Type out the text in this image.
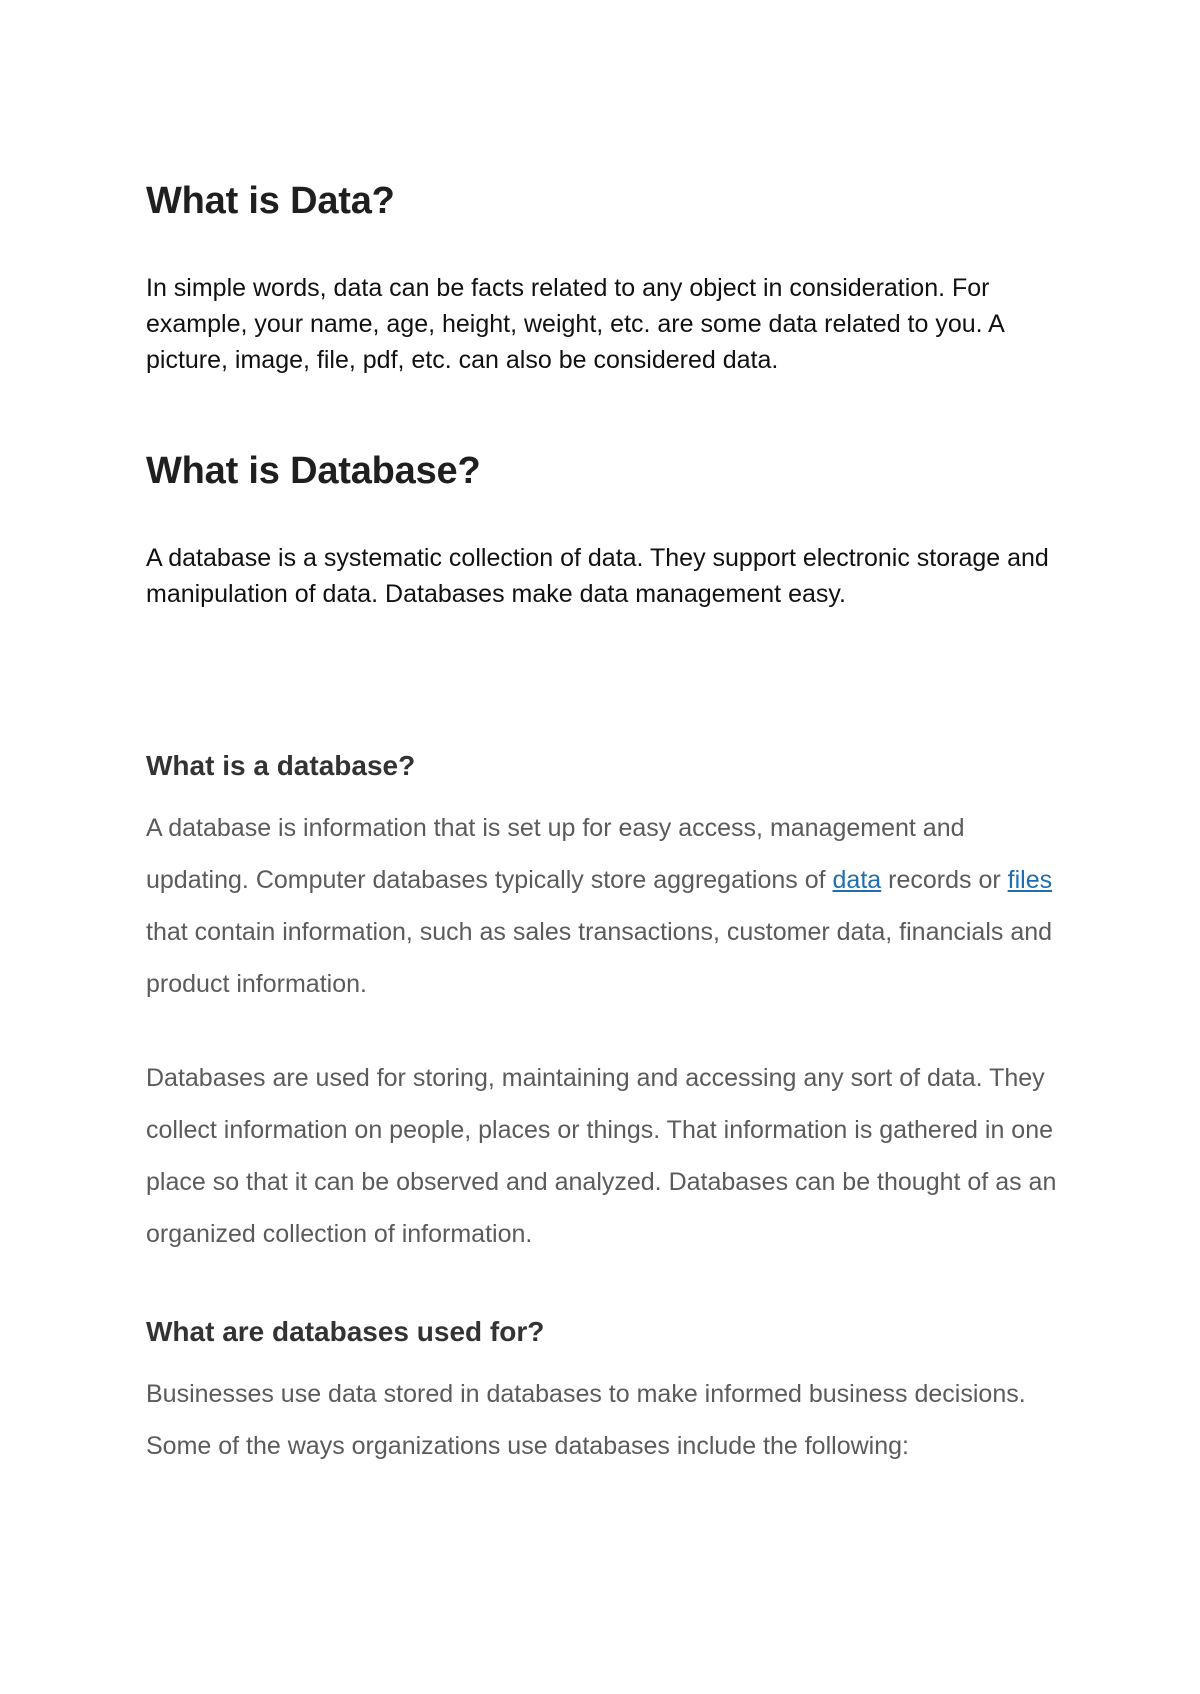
What is Data?

In simple words, data can be facts related to any object in consideration. For example, your name, age, height, weight, etc. are some data related to you. A picture, image, file, pdf, etc. can also be considered data.

What is Database?

A database is a systematic collection of data. They support electronic storage and manipulation of data. Databases make data management easy.

What is a database?

A database is information that is set up for easy access, management and updating. Computer databases typically store aggregations of data records or files that contain information, such as sales transactions, customer data, financials and product information.

Databases are used for storing, maintaining and accessing any sort of data. They collect information on people, places or things. That information is gathered in one place so that it can be observed and analyzed. Databases can be thought of as an organized collection of information.

What are databases used for?

Businesses use data stored in databases to make informed business decisions. Some of the ways organizations use databases include the following:
